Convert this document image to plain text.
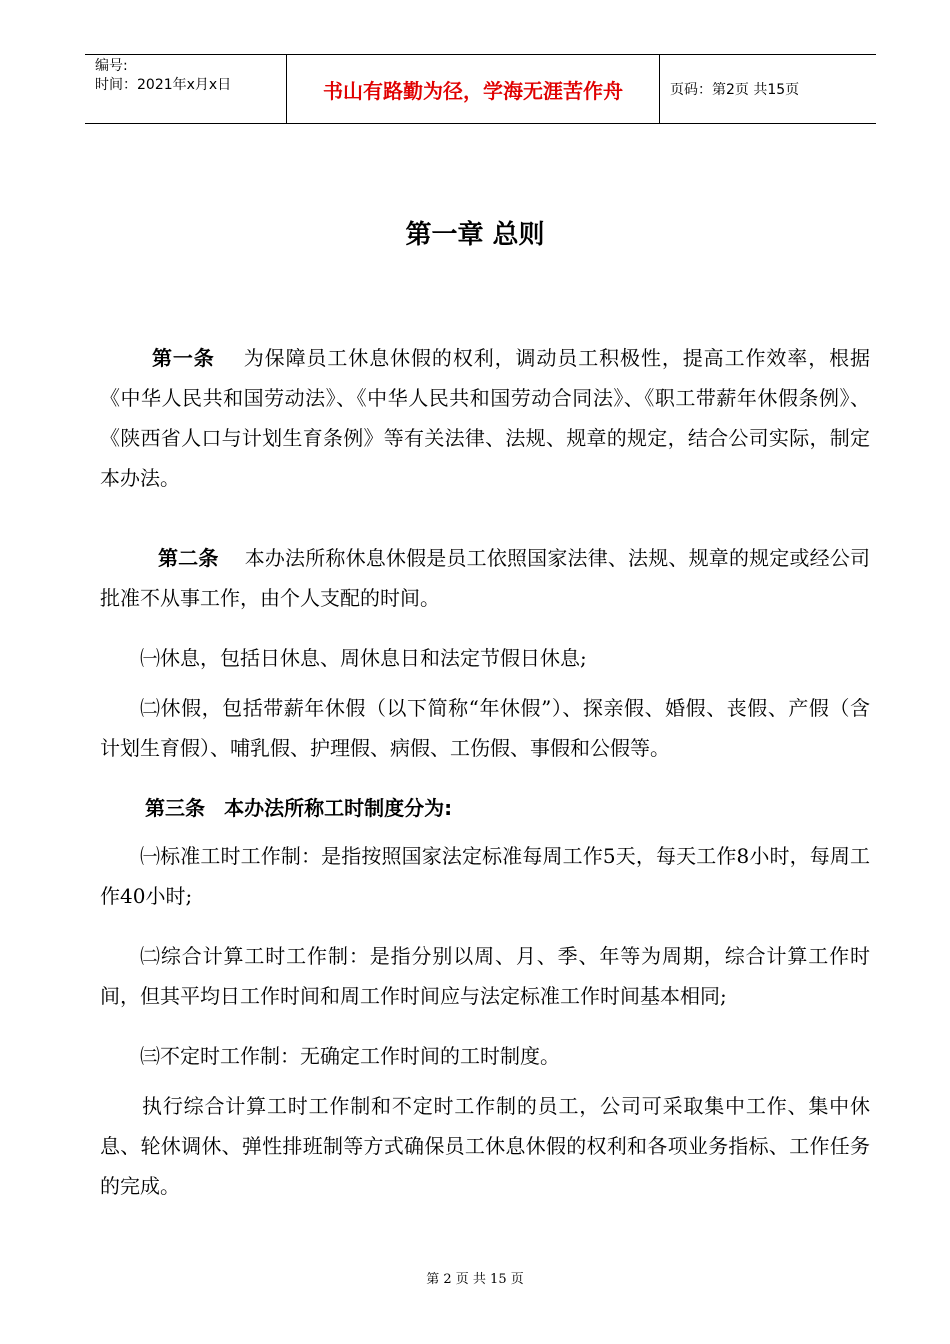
编号:
时间：2021年x月x日	书山有路勤为径，学海无涯苦作舟	页码：第2页 共15页
第一章 总则

第一条 为保障员工休息休假的权利，调动员工积极性，提高工作效率，根据《中华人民共和国劳动法》、《中华人民共和国劳动合同法》、《职工带薪年休假条例》、《陕西省人口与计划生育条例》等有关法律、法规、规章的规定，结合公司实际，制定本办法。

第二条 本办法所称休息休假是员工依照国家法律、法规、规章的规定或经公司批准不从事工作，由个人支配的时间。

㈠休息，包括日休息、周休息日和法定节假日休息;

㈡休假，包括带薪年休假（以下简称“年休假”）、探亲假、婚假、丧假、产假（含计划生育假）、哺乳假、护理假、病假、工伤假、事假和公假等。

第三条 本办法所称工时制度分为:

㈠标准工时工作制：是指按照国家法定标准每周工作5天，每天工作8小时，每周工作40小时;

㈡综合计算工时工作制：是指分别以周、月、季、年等为周期，综合计算工作时间，但其平均日工作时间和周工作时间应与法定标准工作时间基本相同;

㈢不定时工作制：无确定工作时间的工时制度。

执行综合计算工时工作制和不定时工作制的员工，公司可采取集中工作、集中休息、轮休调休、弹性排班制等方式确保员工休息休假的权利和各项业务指标、工作任务的完成。

第 2 页 共 15 页
